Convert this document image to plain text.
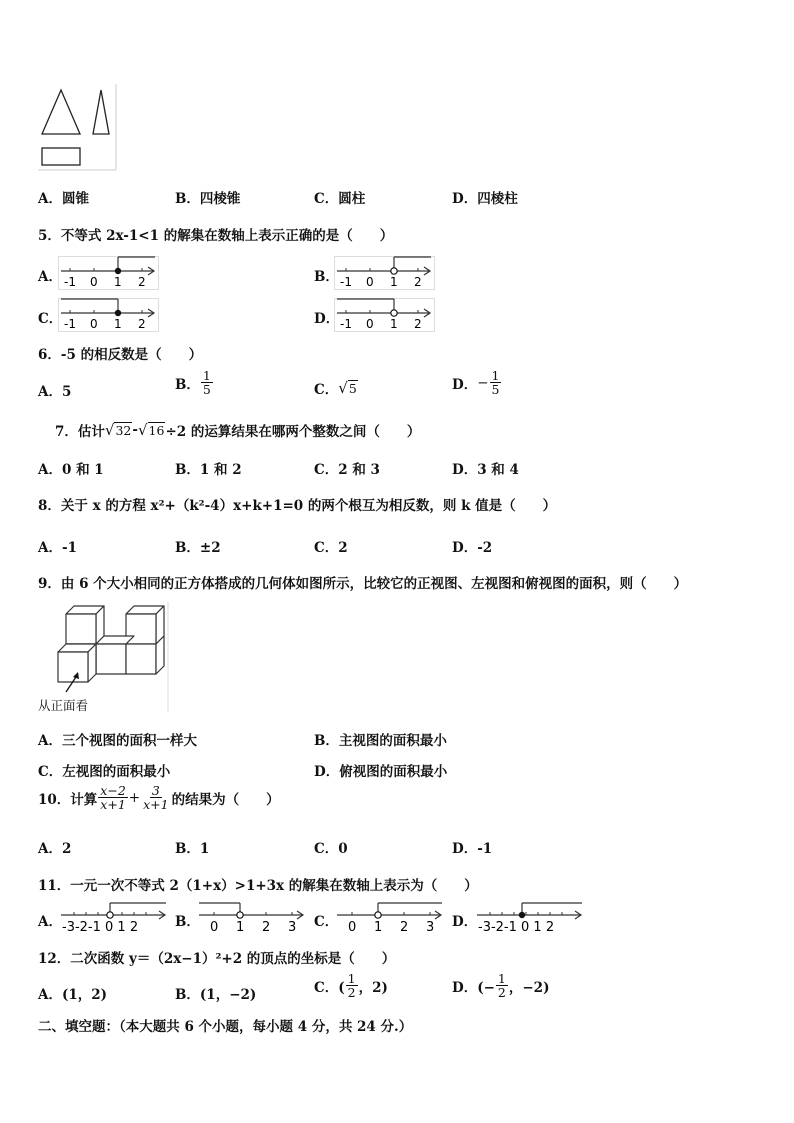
A．圆锥	B．四棱锥	C．圆柱	D．四棱柱
5．不等式 2x-1<1 的解集在数轴上表示正确的是（　　）
A． -1 0 1 2	B． -1 0 1 2
C． -1 0 1 2	D． -1 0 1 2
6．-5 的相反数是（　　）
A．5	B． $\frac{1}{5}$	C． √ 5	D． − $\frac{1}{5}$
7．估计 √ 32 - √ 16 ÷2 的运算结果在哪两个整数之间（　　）
A．0 和 1	B．1 和 2	C．2 和 3	D．3 和 4
8．关于 x 的方程 x²+（k²-4）x+k+1=0 的两个根互为相反数，则 k 值是（　　）
A．-1	B．±2	C．2	D．-2
9．由 6 个大小相同的正方体搭成的几何体如图所示，比较它的正视图、左视图和俯视图的面积，则（　　）
从正面看
A．三个视图的面积一样大	B．主视图的面积最小
C．左视图的面积最小	D．俯视图的面积最小
10．计算 $\frac{x-2}{x+1} + \frac{3}{x+1}$ 的结果为（　　）
A．2	B．1	C．0	D．-1
11．一元一次不等式 2（1+x）>1+3x 的解集在数轴上表示为（　　）
A． -3-2-1 0 1 2	B． 0 1 2 3 C． 0 1 2 3 D． -3-2-1 0 1 2
12．二次函数 y＝（2x−1）²+2 的顶点的坐标是（　　）
A．(1，2)	B．(1，−2)	C．( $\frac{1}{2}$ ，2)	D．(− $\frac{1}{2}$ ，−2)
二、填空题：（本大题共 6 个小题，每小题 4 分，共 24 分.）
